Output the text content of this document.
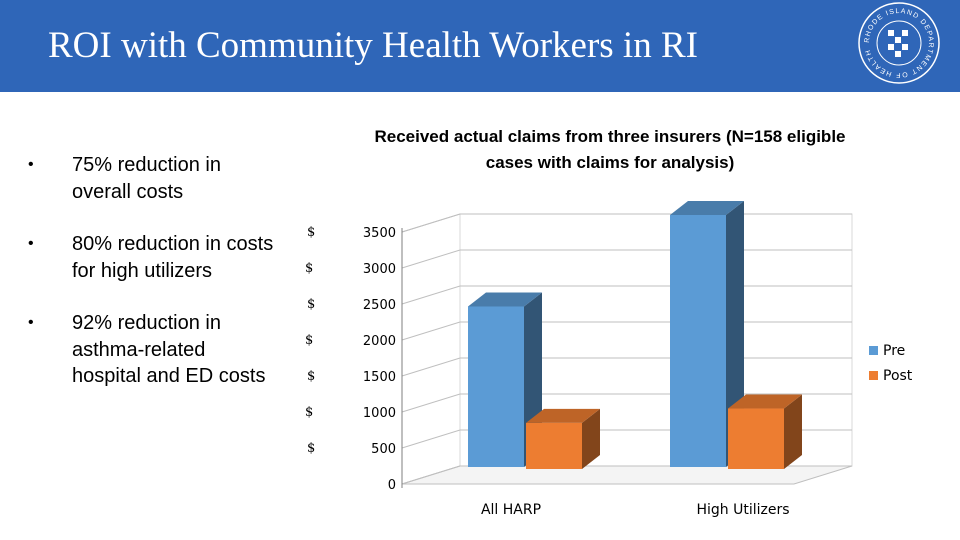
ROI with Community Health Workers in RI	RHODE ISLAND DEPARTMENT OF HEALTH
• 75% reduction in overall costs
• 80% reduction in costs for high utilizers
• 92% reduction in asthma-related hospital and ED costs
Received actual claims from three insurers (N=158 eligible cases with claims for analysis)
0
500
$
1000
$
1500
$
2000
$
2500
$
3000
$
3500
$
All HARP	High Utilizers
Pre
Post
